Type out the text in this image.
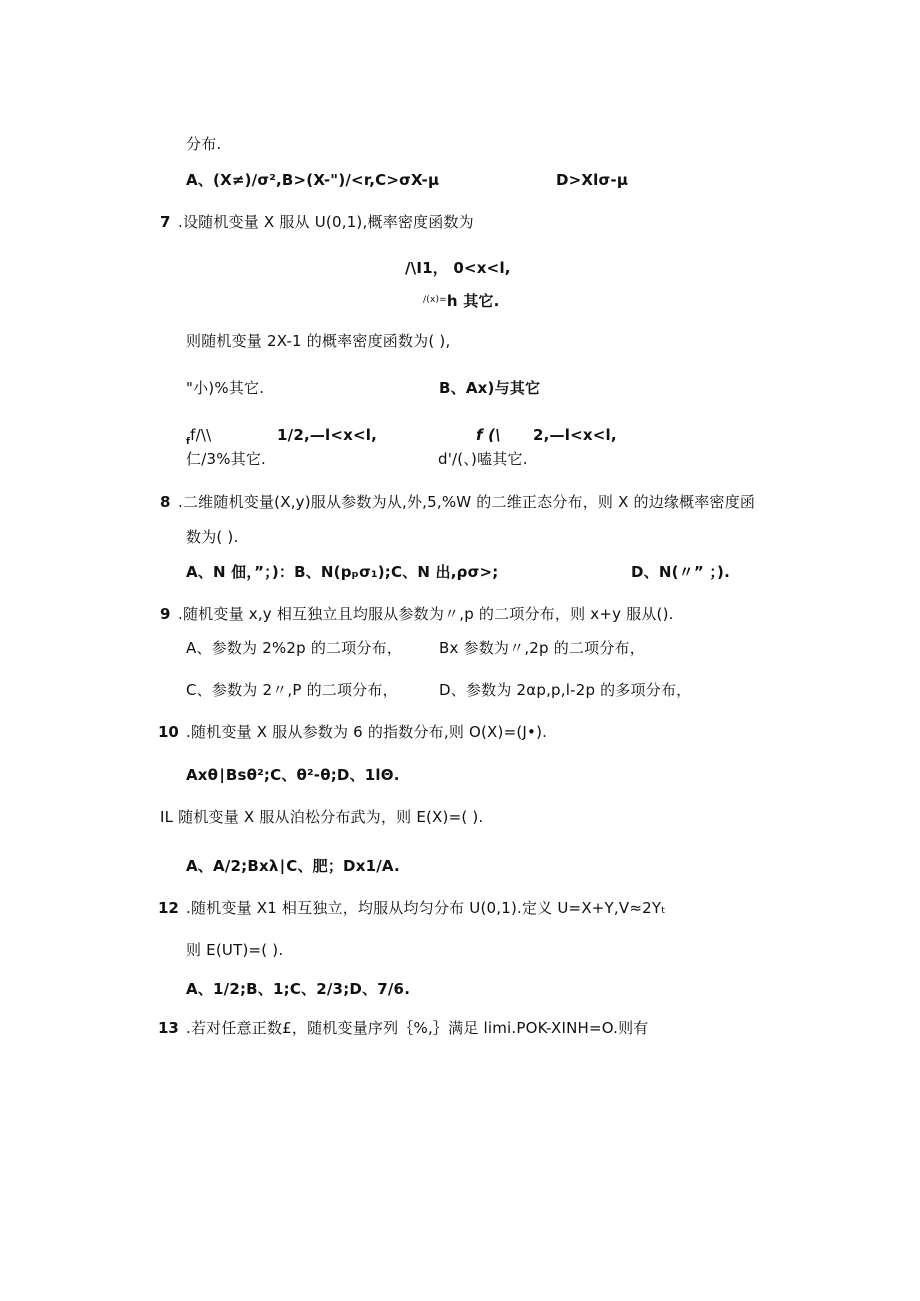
分布.
A、(X≠)∕σ²,B>(X-")∕<r,C>σX-μ	D>Xlσ-μ
7 .设随机变量 X 服从 U(0,1),概率密度函数为
/\I1， 0<x<l,
$^{/(x)=}$h 其它.
则随机变量 2X-1 的概率密度函数为( ),
"小)%其它.	B、Ax)与其它
$_f$f/\\	1/2,—l<x<l,	f (\ 2,—l<x<l,
仁/3%其它.	d'/(、)嗑其它.
8 .二维随机变量(X,y)服从参数为从,外,5,%W 的二维正态分布，则 X 的边缘概率密度函
数为( ).
A、N 佃，”；)：B、N(pₚσ₁);C、N 出,ρσ>;	D、N(〃” ；).
9 .随机变量 x,y 相互独立且均服从参数为〃,p 的二项分布，则 x+y 服从().
A、参数为 2%2p 的二项分布， Bx 参数为〃,2p 的二项分布，
C、参数为 2〃,P 的二项分布，	D、参数为 2αp,p,l-2p 的多项分布，
10 .随机变量 X 服从参数为 6 的指数分布,则 O(X)=(J•).
Axθ∣Bsθ²;C、θ²-θ;D、1lΘ.
IL 随机变量 X 服从泊松分布武为，则 E(X)=( ).
A、A/2;Bxλ∣C、肥；Dx1/A.
12 .随机变量 X1 相互独立，均服从均匀分布 U(0,1).定义 U=X+Y,V≈2Yₜ
则 E(UT)=( ).
A、1/2;B、1;C、2/3;D、7/6.
13 .若对任意正数£，随机变量序列｛%,｝满足 limi.POK-XINH=O.则有
